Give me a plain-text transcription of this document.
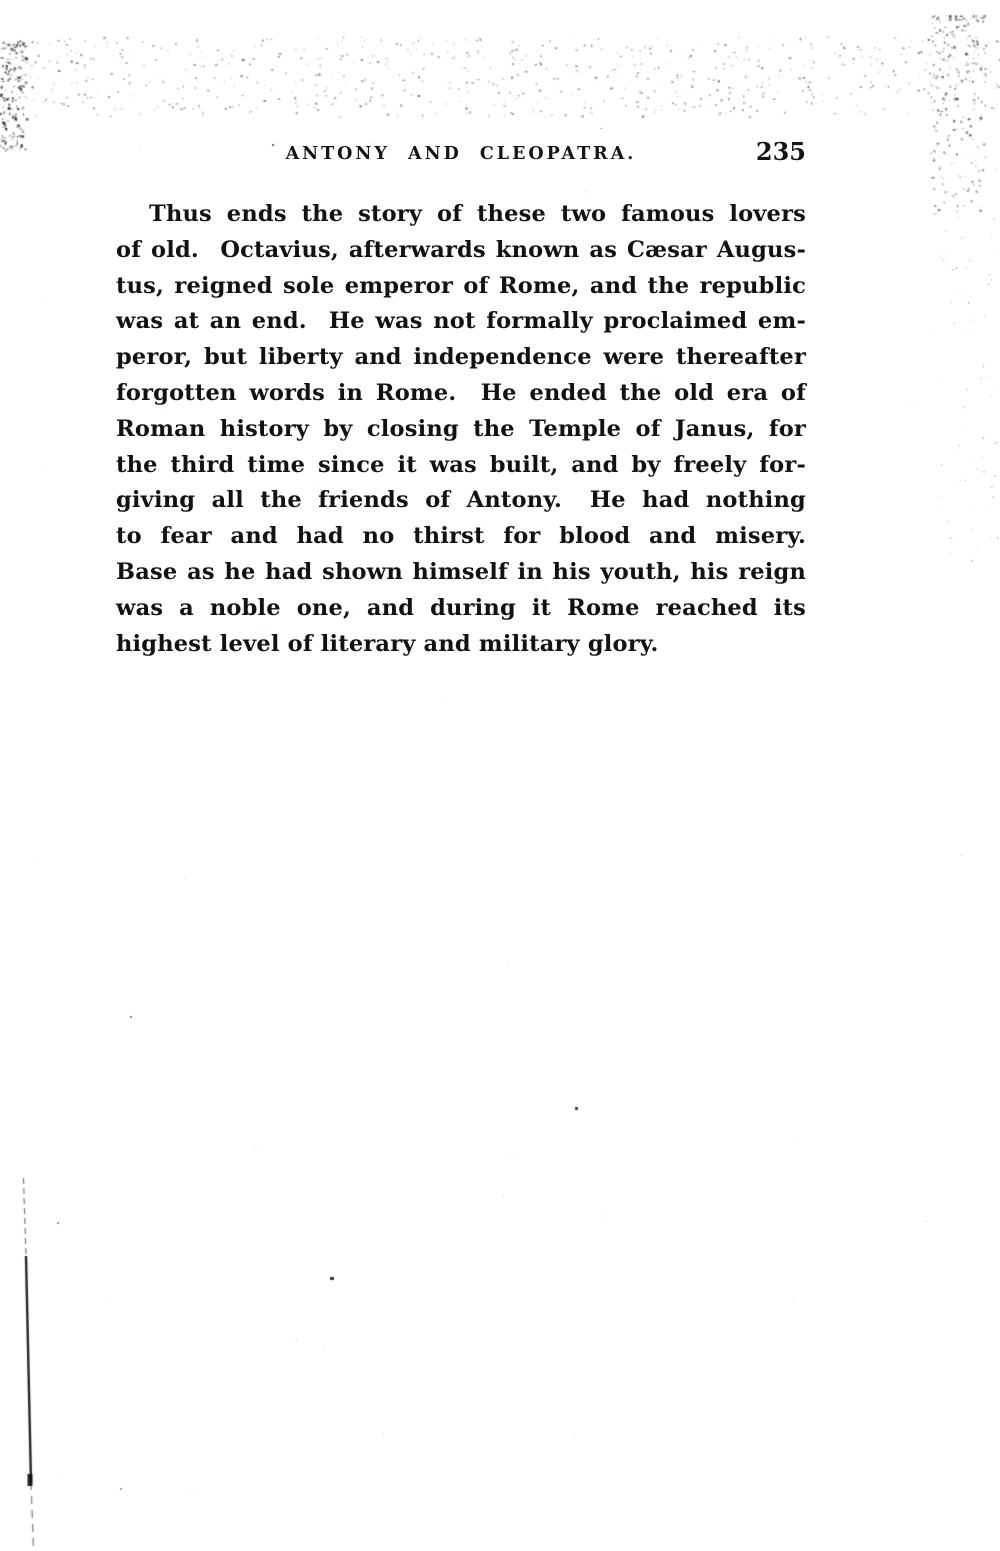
ANTONY AND CLEOPATRA.	235
Thus ends the story of these two famous lovers
of old.  Octavius, afterwards known as Cæsar Augus-
tus, reigned sole emperor of Rome, and the republic
was at an end.  He was not formally proclaimed em-
peror, but liberty and independence were thereafter
forgotten words in Rome.  He ended the old era of
Roman history by closing the Temple of Janus, for
the third time since it was built, and by freely for-
giving all the friends of Antony.  He had nothing
to fear and had no thirst for blood and misery.
Base as he had shown himself in his youth, his reign
was a noble one, and during it Rome reached its
highest level of literary and military glory.
